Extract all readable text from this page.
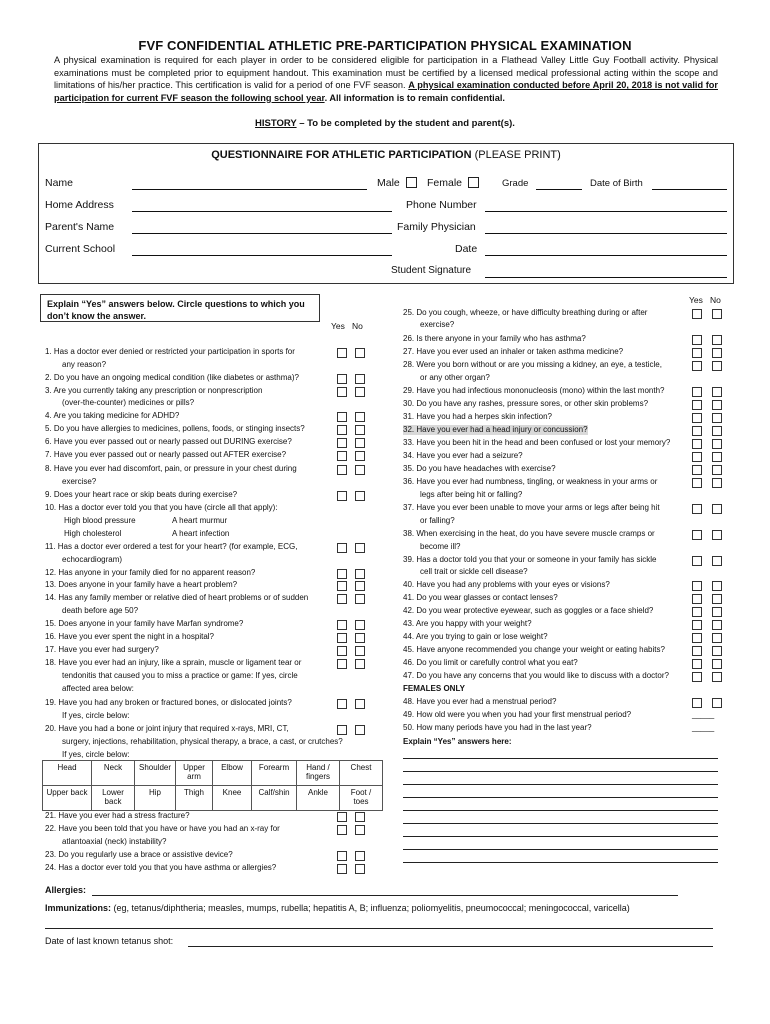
FVF CONFIDENTIAL ATHLETIC PRE-PARTICIPATION PHYSICAL EXAMINATION

A physical examination is required for each player in order to be considered eligible for participation in a Flathead Valley Little Guy Football activity. Physical examinations must be completed prior to equipment handout. This examination must be certified by a licensed medical professional acting within the scope and limitations of his/her practice. This certification is valid for a period of one FVF season. A physical examination conducted before April 20, 2018 is not valid for participation for current FVF season the following school year. All information is to remain confidential.

HISTORY – To be completed by the student and parent(s).
QUESTIONNAIRE FOR ATHLETIC PARTICIPATION (PLEASE PRINT)
Name	Male	Female	Grade	Date of Birth
Home Address	Phone Number
Parent's Name	Family Physician
Current School	Date
Student Signature
Explain “Yes” answers below. Circle questions to which you don’t know the answer.
Yes No
Yes No
1. Has a doctor ever denied or restricted your participation in sports for
any reason?
2. Do you have an ongoing medical condition (like diabetes or asthma)?
3. Are you currently taking any prescription or nonprescription
(over-the-counter) medicines or pills?
4. Are you taking medicine for ADHD?
5. Do you have allergies to medicines, pollens, foods, or stinging insects?
6. Have you ever passed out or nearly passed out DURING exercise?
7. Have you ever passed out or nearly passed out AFTER exercise?
8. Have you ever had discomfort, pain, or pressure in your chest during
exercise?
9. Does your heart race or skip beats during exercise?
10. Has a doctor ever told you that you have (circle all that apply):
High blood pressure	A heart murmur
High cholesterol	A heart infection
11. Has a doctor ever ordered a test for your heart? (for example, ECG,
echocardiogram)
12. Has anyone in your family died for no apparent reason?
13. Does anyone in your family have a heart problem?
14. Has any family member or relative died of heart problems or of sudden
death before age 50?
15. Does anyone in your family have Marfan syndrome?
16. Have you ever spent the night in a hospital?
17. Have you ever had surgery?
18. Have you ever had an injury, like a sprain, muscle or ligament tear or
tendonitis that caused you to miss a practice or game: If yes, circle
affected area below:
19. Have you had any broken or fractured bones, or dislocated joints?
If yes, circle below:
20. Have you had a bone or joint injury that required x-rays, MRI, CT,
surgery, injections, rehabilitation, physical therapy, a brace, a cast, or crutches?
If yes, circle below:
21. Have you ever had a stress fracture?
22. Have you been told that you have or have you had an x-ray for
atlantoaxial (neck) instability?
23. Do you regularly use a brace or assistive device?
24. Has a doctor ever told you that you have asthma or allergies?
Head	Neck	Shoulder	Upper arm	Elbow	Forearm	Hand / fingers	Chest
Upper back	Lower back	Hip	Thigh	Knee	Calf/shin	Ankle	Foot / toes
25. Do you cough, wheeze, or have difficulty breathing during or after
exercise?
26. Is there anyone in your family who has asthma?
27. Have you ever used an inhaler or taken asthma medicine?
28. Were you born without or are you missing a kidney, an eye, a testicle,
or any other organ?
29. Have you had infectious mononucleosis (mono) within the last month?
30. Do you have any rashes, pressure sores, or other skin problems?
31. Have you had a herpes skin infection?
32. Have you ever had a head injury or concussion?
33. Have you been hit in the head and been confused or lost your memory?
34. Have you ever had a seizure?
35. Do you have headaches with exercise?
36. Have you ever had numbness, tingling, or weakness in your arms or
legs after being hit or falling?
37. Have you ever been unable to move your arms or legs after being hit
or falling?
38. When exercising in the heat, do you have severe muscle cramps or
become ill?
39. Has a doctor told you that your or someone in your family has sickle
cell trait or sickle cell disease?
40. Have you had any problems with your eyes or visions?
41. Do you wear glasses or contact lenses?
42. Do you wear protective eyewear, such as goggles or a face shield?
43. Are you happy with your weight?
44. Are you trying to gain or lose weight?
45. Have anyone recommended you change your weight or eating habits?
46. Do you limit or carefully control what you eat?
47. Do you have any concerns that you would like to discuss with a doctor?
FEMALES ONLY
48. Have you ever had a menstrual period?
49. How old were you when you had your first menstrual period?	_____
50. How many periods have you had in the last year?	_____
Explain “Yes” answers here:
Allergies:
Immunizations: (eg, tetanus/diphtheria; measles, mumps, rubella; hepatitis A, B; influenza; poliomyelitis, pneumococcal; meningococcal, varicella)
Date of last known tetanus shot:
